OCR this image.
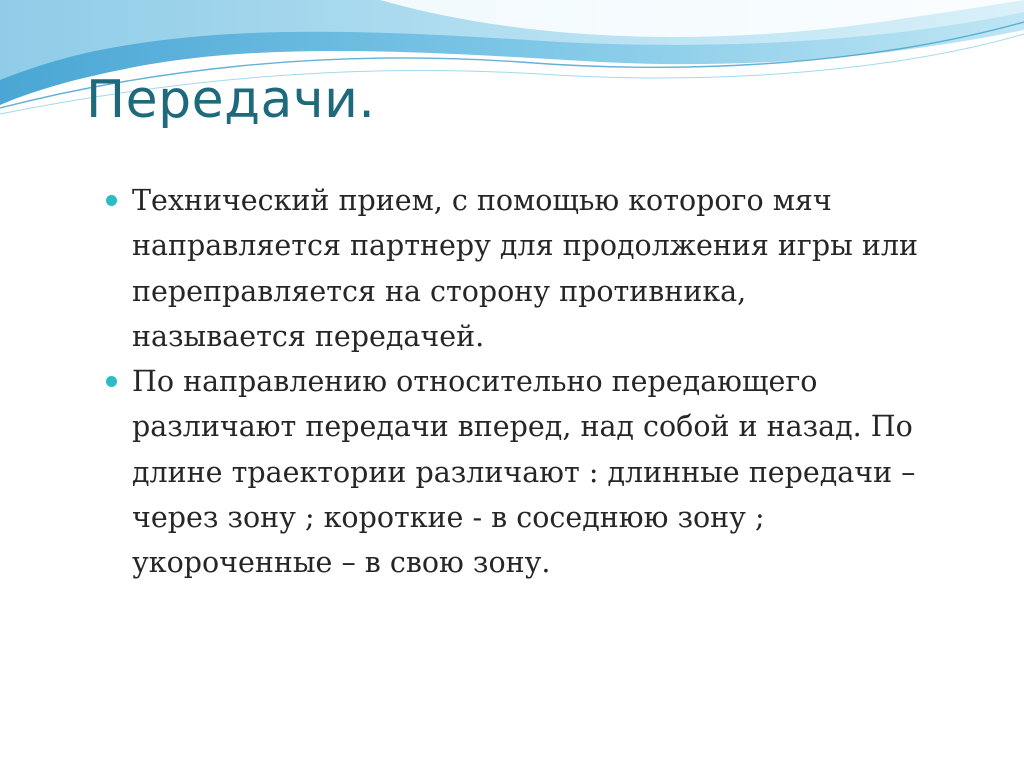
Передачи.
Технический прием, с помощью которого мяч направляется партнеру для продолжения игры или переправляется на сторону противника, называется передачей.
По направлению относительно передающего различают передачи вперед, над собой и назад. По длине траектории различают : длинные передачи – через зону ; короткие - в соседнюю зону ; укороченные – в свою зону.
